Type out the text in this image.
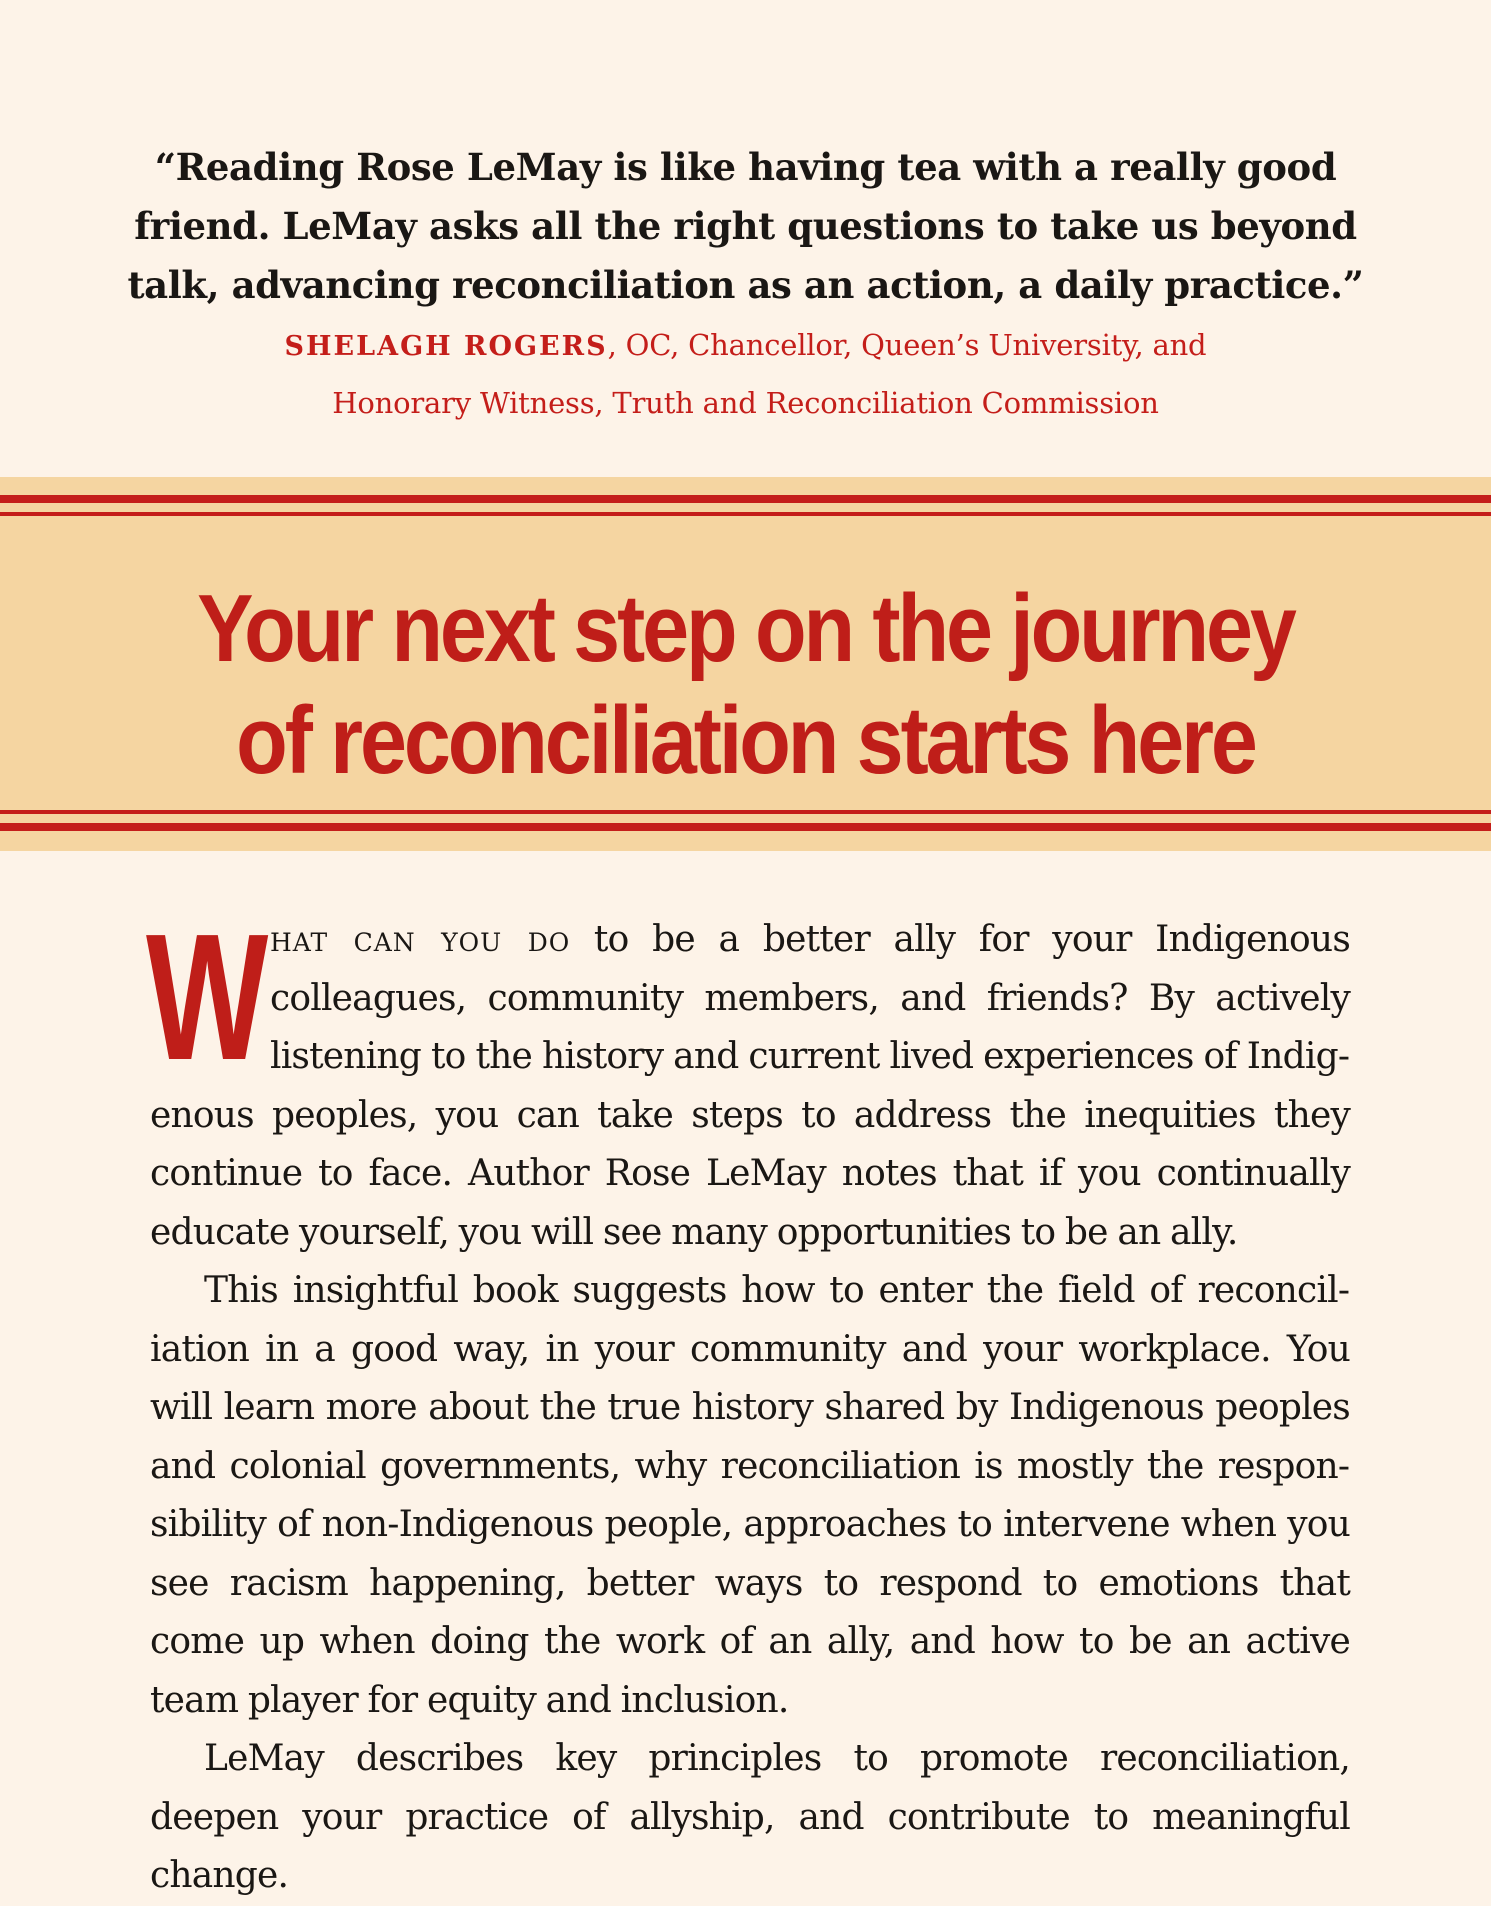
“Reading Rose LeMay is like having tea with a really good
friend. LeMay asks all the right questions to take us beyond
talk, advancing reconciliation as an action, a daily practice.”

SHELAGH ROGERS, OC, Chancellor, Queen’s University, and
Honorary Witness, Truth and Reconciliation Commission
Your next step on the journey
of reconciliation starts here

What can you do to be a better ally for your Indigenous colleagues, community members, and friends? By actively listening to the history and current lived experiences of Indigenous peoples, you can take steps to address the inequities they continue to face. Author Rose LeMay notes that if you continually educate yourself, you will see many opportunities to be an ally.

This insightful book suggests how to enter the field of reconciliation in a good way, in your community and your workplace. You will learn more about the true history shared by Indigenous peoples and colonial governments, why reconciliation is mostly the responsibility of non-Indigenous people, approaches to intervene when you see racism happening, better ways to respond to emotions that come up when doing the work of an ally, and how to be an active team player for equity and inclusion.

LeMay describes key principles to promote reconciliation, deepen your practice of allyship, and contribute to meaningful change.
